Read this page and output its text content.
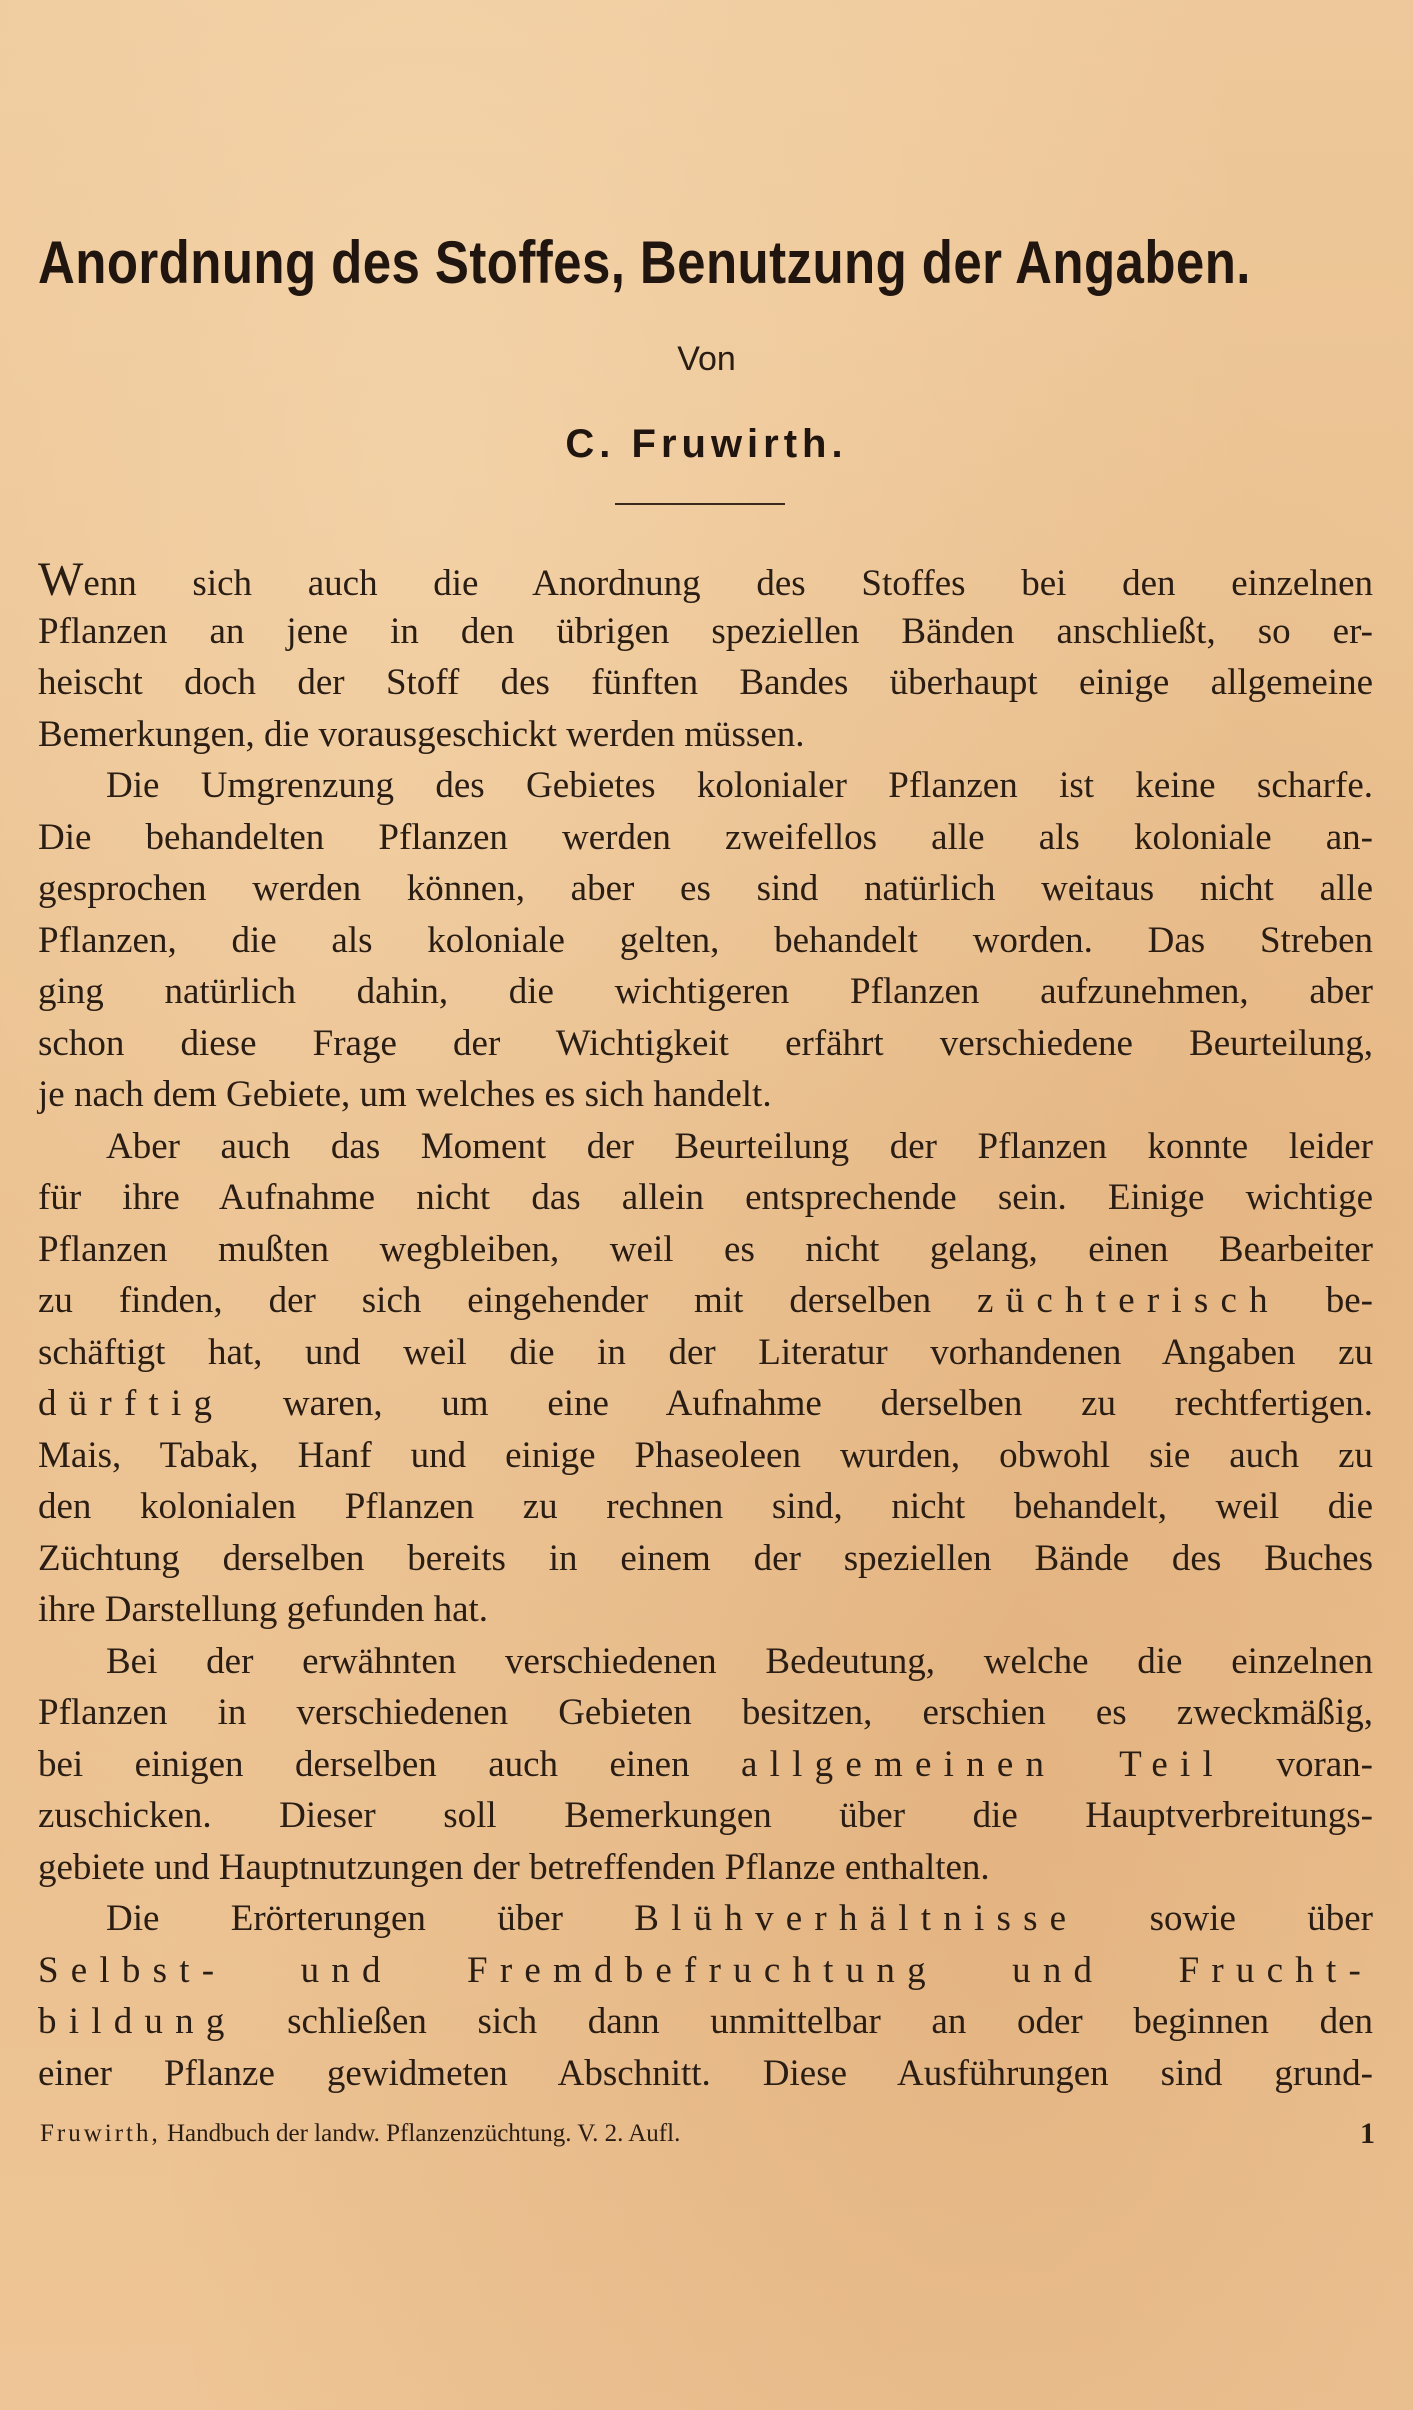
Anordnung des Stoffes, Benutzung der Angaben.
Von
C. Fruwirth.
Wenn sich auch die Anordnung des Stoffes bei den einzelnen
Pflanzen an jene in den übrigen speziellen Bänden anschließt, so er-
heischt doch der Stoff des fünften Bandes überhaupt einige allgemeine
Bemerkungen, die vorausgeschickt werden müssen.
Die Umgrenzung des Gebietes kolonialer Pflanzen ist keine scharfe.
Die behandelten Pflanzen werden zweifellos alle als koloniale an-
gesprochen werden können, aber es sind natürlich weitaus nicht alle
Pflanzen, die als koloniale gelten, behandelt worden. Das Streben
ging natürlich dahin, die wichtigeren Pflanzen aufzunehmen, aber
schon diese Frage der Wichtigkeit erfährt verschiedene Beurteilung,
je nach dem Gebiete, um welches es sich handelt.
Aber auch das Moment der Beurteilung der Pflanzen konnte leider
für ihre Aufnahme nicht das allein entsprechende sein. Einige wichtige
Pflanzen mußten wegbleiben, weil es nicht gelang, einen Bearbeiter
zu finden, der sich eingehender mit derselben züchterisch be-
schäftigt hat, und weil die in der Literatur vorhandenen Angaben zu
dürftig waren, um eine Aufnahme derselben zu rechtfertigen.
Mais, Tabak, Hanf und einige Phaseoleen wurden, obwohl sie auch zu
den kolonialen Pflanzen zu rechnen sind, nicht behandelt, weil die
Züchtung derselben bereits in einem der speziellen Bände des Buches
ihre Darstellung gefunden hat.
Bei der erwähnten verschiedenen Bedeutung, welche die einzelnen
Pflanzen in verschiedenen Gebieten besitzen, erschien es zweckmäßig,
bei einigen derselben auch einen allgemeinen Teil voran-
zuschicken. Dieser soll Bemerkungen über die Hauptverbreitungs-
gebiete und Hauptnutzungen der betreffenden Pflanze enthalten.
Die Erörterungen über Blühverhältnisse sowie über
Selbst- und Fremdbefruchtung und Frucht-
bildung schließen sich dann unmittelbar an oder beginnen den
einer Pflanze gewidmeten Abschnitt. Diese Ausführungen sind grund-
Fruwirth, Handbuch der landw. Pflanzenzüchtung. V. 2. Aufl.	1
